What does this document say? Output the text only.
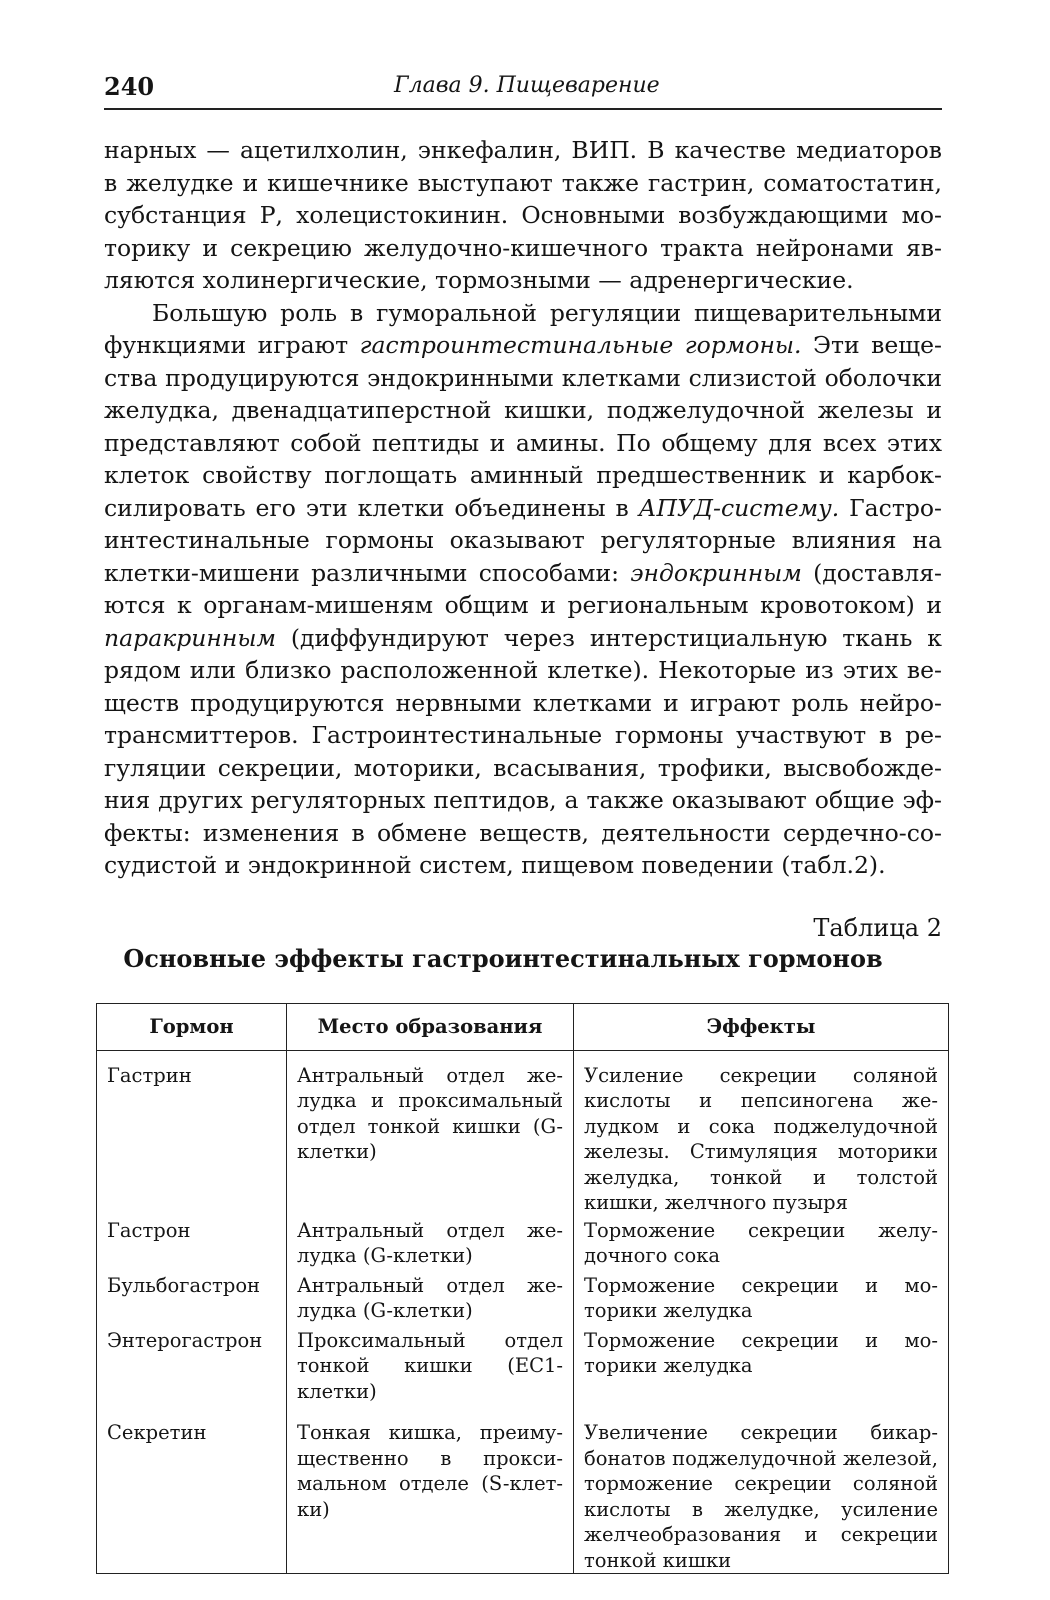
240	Глава 9. Пищеварение

нарных — ацетилхолин, энкефалин, ВИП. В качестве медиаторов в желудке и кишечнике выступают также гастрин, соматостатин, субстанция Р, холецистокинин. Основными возбуждающими моторику и секрецию желудочно-кишечного тракта нейронами являются холинергические, тормозными — адренергические.

Большую роль в гуморальной регуляции пищеварительными функциями играют гастроинтестинальные гормоны. Эти вещества продуцируются эндокринными клетками слизистой оболочки желудка, двенадцатиперстной кишки, поджелудочной железы и представляют собой пептиды и амины. По общему для всех этих клеток свойству поглощать аминный предшественник и карбоксилировать его эти клетки объединены в АПУД-систему. Гастроинтестинальные гормоны оказывают регуляторные влияния на клетки-мишени различными способами: эндокринным (доставляются к органам-мишеням общим и региональным кровотоком) и паракринным (диффундируют через интерстициальную ткань к рядом или близко расположенной клетке). Некоторые из этих веществ продуцируются нервными клетками и играют роль нейротрансмиттеров. Гастроинтестинальные гормоны участвуют в регуляции секреции, моторики, всасывания, трофики, высвобождения других регуляторных пептидов, а также оказывают общие эффекты: изменения в обмене веществ, деятельности сердечно-сосудистой и эндокринной систем, пищевом поведении (табл.2).

Таблица 2
Основные эффекты гастроинтестинальных гормонов
Гормон	Место образования	Эффекты
Гастрин	Антральный отдел желудка и проксимальный отдел тонкой кишки (G-клетки)	Усиление секреции соляной кислоты и пепсиногена желудком и сока поджелудочной железы. Стимуляция моторики желудка, тонкой и толстой кишки, желчного пузыря
Гастрон	Антральный отдел желудка (G-клетки)	Торможение секреции желудочного сока
Бульбогастрон	Антральный отдел желудка (G-клетки)	Торможение секреции и моторики желудка
Энтерогастрон	Проксимальный отдел тонкой кишки (EC1-клетки)	Торможение секреции и моторики желудка
Секретин	Тонкая кишка, преимущественно в проксимальном отделе (S-клетки)	Увеличение секреции бикарбонатов поджелудочной железой, торможение секреции соляной кислоты в желудке, усиление желчеобразования и секреции тонкой кишки
